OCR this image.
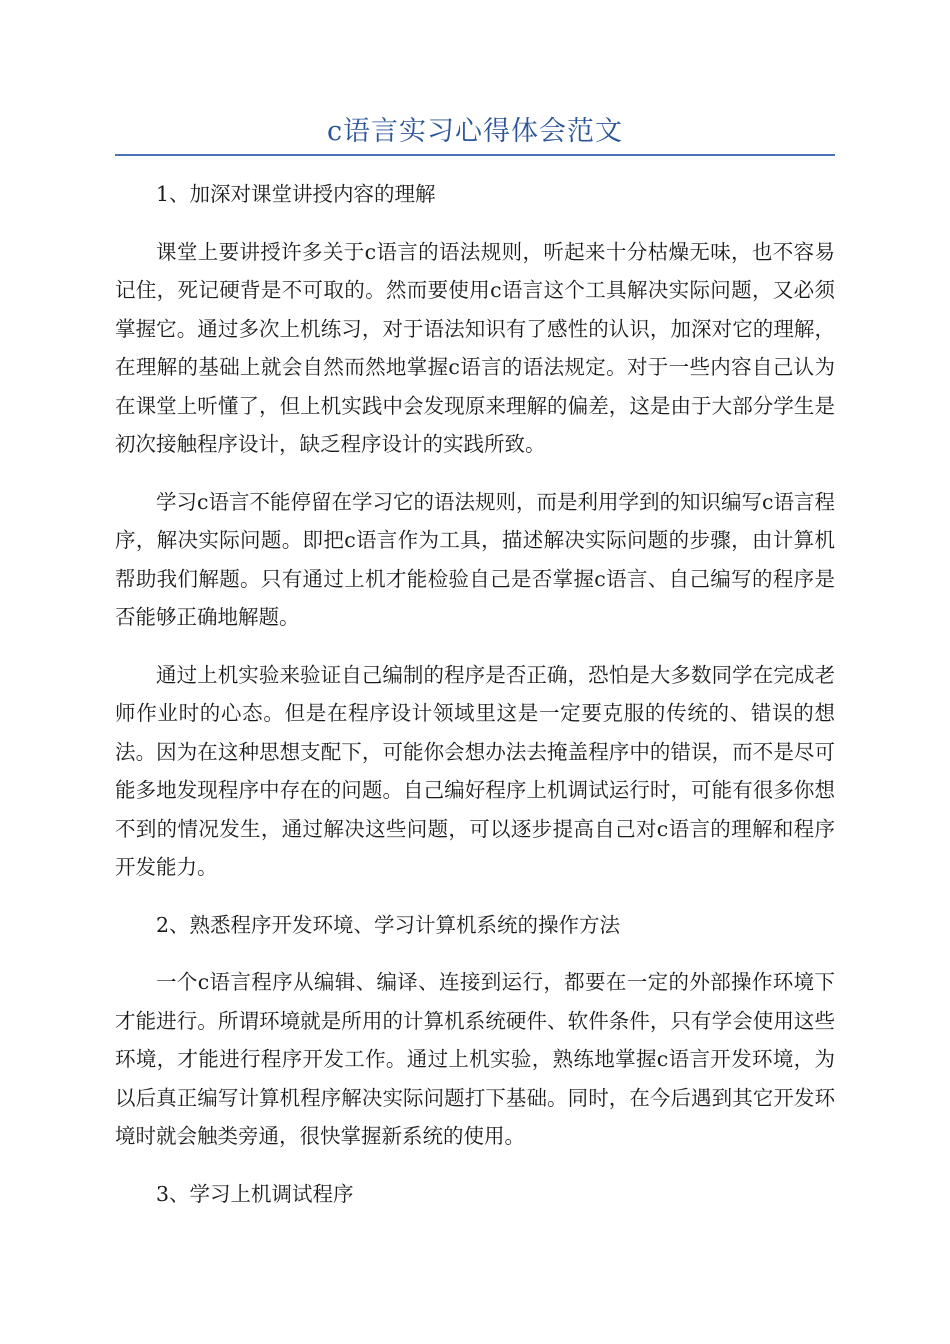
c语言实习心得体会范文

1、加深对课堂讲授内容的理解

课堂上要讲授许多关于c语言的语法规则，听起来十分枯燥无味，也不容易记住，死记硬背是不可取的。然而要使用c语言这个工具解决实际问题，又必须掌握它。通过多次上机练习，对于语法知识有了感性的认识，加深对它的理解，在理解的基础上就会自然而然地掌握c语言的语法规定。对于一些内容自己认为在课堂上听懂了，但上机实践中会发现原来理解的偏差，这是由于大部分学生是初次接触程序设计，缺乏程序设计的实践所致。

学习c语言不能停留在学习它的语法规则，而是利用学到的知识编写c语言程序，解决实际问题。即把c语言作为工具，描述解决实际问题的步骤，由计算机帮助我们解题。只有通过上机才能检验自己是否掌握c语言、自己编写的程序是否能够正确地解题。

通过上机实验来验证自己编制的程序是否正确，恐怕是大多数同学在完成老师作业时的心态。但是在程序设计领域里这是一定要克服的传统的、错误的想法。因为在这种思想支配下，可能你会想办法去掩盖程序中的错误，而不是尽可能多地发现程序中存在的问题。自己编好程序上机调试运行时，可能有很多你想不到的情况发生，通过解决这些问题，可以逐步提高自己对c语言的理解和程序开发能力。

2、熟悉程序开发环境、学习计算机系统的操作方法

一个c语言程序从编辑、编译、连接到运行，都要在一定的外部操作环境下才能进行。所谓环境就是所用的计算机系统硬件、软件条件，只有学会使用这些环境，才能进行程序开发工作。通过上机实验，熟练地掌握c语言开发环境，为以后真正编写计算机程序解决实际问题打下基础。同时，在今后遇到其它开发环境时就会触类旁通，很快掌握新系统的使用。

3、学习上机调试程序
